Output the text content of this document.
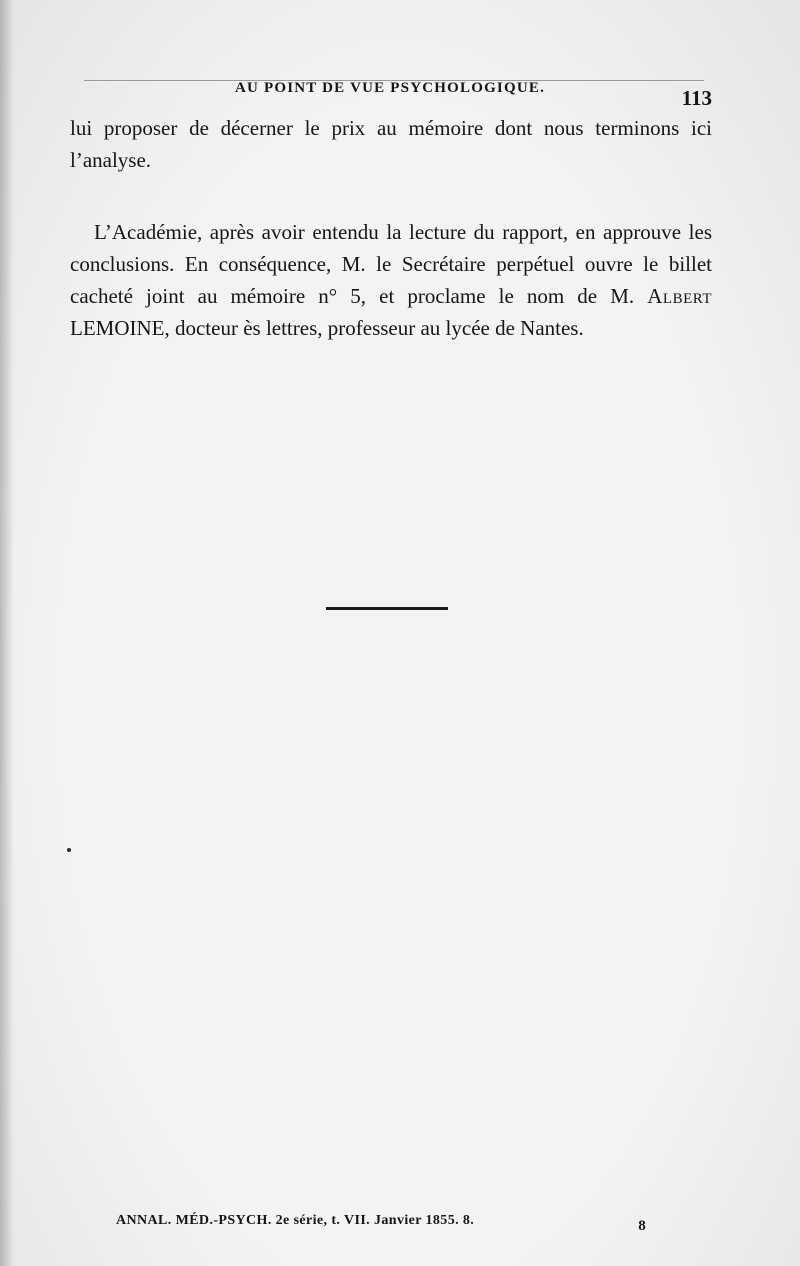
AU POINT DE VUE PSYCHOLOGIQUE.	113
lui proposer de décerner le prix au mémoire dont nous terminons ici l’analyse.
L’Académie, après avoir entendu la lecture du rapport, en approuve les conclusions. En conséquence, M. le Secrétaire perpétuel ouvre le billet cacheté joint au mémoire n° 5, et proclame le nom de M. Albert LEMOINE, docteur ès lettres, professeur au lycée de Nantes.
ANNAL. MÉD.-PSYCH. 2e série, t. VII. Janvier 1855. 8.	8
